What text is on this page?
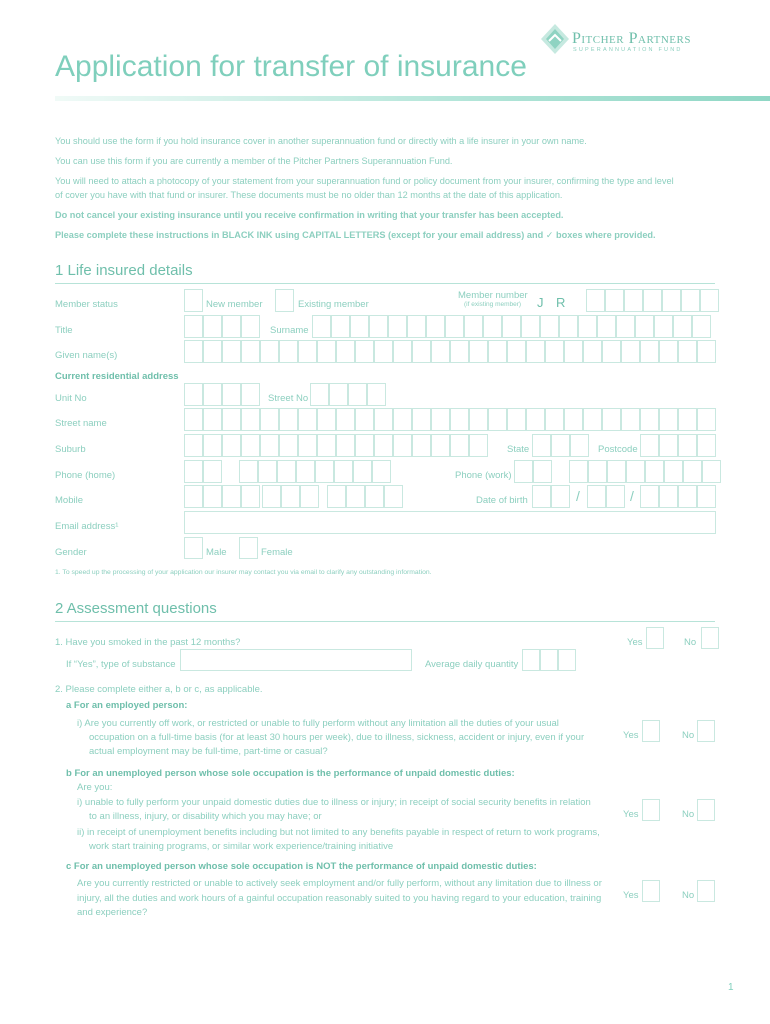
Pitcher Partners
SUPERANNUATION FUND
Application for transfer of insurance
You should use the form if you hold insurance cover in another superannuation fund or directly with a life insurer in your own name.
You can use this form if you are currently a member of the Pitcher Partners Superannuation Fund.
You will need to attach a photocopy of your statement from your superannuation fund or policy document from your insurer, confirming the type and level
of cover you have with that fund or insurer. These documents must be no older than 12 months at the date of this application.
Do not cancel your existing insurance until you receive confirmation in writing that your transfer has been accepted.
Please complete these instructions in BLACK INK using CAPITAL LETTERS (except for your email address) and ✓ boxes where provided.
1 Life insured details
Member status	New member	Existing member
Member number
(if existing member) J R
Title	Surname
Given name(s)
Current residential address
Unit No	Street No
Street name
Suburb	State	Postcode
Phone (home)	Phone (work)
Mobile	Date of birth	/	/
Email address¹
Gender	Male	Female
1. To speed up the processing of your application our insurer may contact you via email to clarify any outstanding information.
2 Assessment questions
1. Have you smoked in the past 12 months?	Yes	No
If “Yes”, type of substance	Average daily quantity
2. Please complete either a, b or c, as applicable.
a For an employed person:
i) Are you currently off work, or restricted or unable to fully perform without any limitation all the duties of your usual
occupation on a full-time basis (for at least 30 hours per week), due to illness, sickness, accident or injury, even if your
actual employment may be full-time, part-time or casual?
Yes	No
b For an unemployed person whose sole occupation is the performance of unpaid domestic duties:
Are you:
i) unable to fully perform your unpaid domestic duties due to illness or injury; in receipt of social security benefits in relation
to an illness, injury, or disability which you may have; or
ii) in receipt of unemployment benefits including but not limited to any benefits payable in respect of return to work programs,
work start training programs, or similar work experience/training initiative
Yes	No
c For an unemployed person whose sole occupation is NOT the performance of unpaid domestic duties:
Are you currently restricted or unable to actively seek employment and/or fully perform, without any limitation due to illness or
injury, all the duties and work hours of a gainful occupation reasonably suited to you having regard to your education, training
and experience?
Yes	No
1
